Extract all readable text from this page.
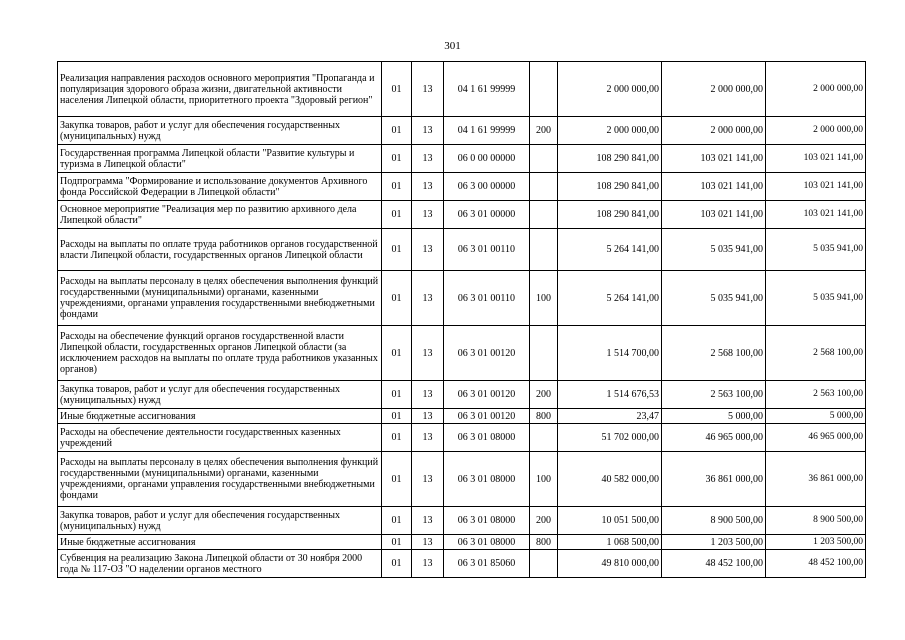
301
Реализация направления расходов основного мероприятия "Пропаганда и популяризация здорового образа жизни, двигательной активности населения Липецкой области, приоритетного проекта "Здоровый регион"	01	13	04 1 61 99999		2 000 000,00	2 000 000,00	2 000 000,00
Закупка товаров, работ и услуг для обеспечения государственных (муниципальных) нужд	01	13	04 1 61 99999	200	2 000 000,00	2 000 000,00	2 000 000,00
Государственная программа Липецкой области "Развитие культуры и туризма в Липецкой области"	01	13	06 0 00 00000		108 290 841,00	103 021 141,00	103 021 141,00
Подпрограмма "Формирование и использование документов Архивного фонда Российской Федерации в Липецкой области"	01	13	06 3 00 00000		108 290 841,00	103 021 141,00	103 021 141,00
Основное мероприятие "Реализация мер по развитию архивного дела Липецкой области"	01	13	06 3 01 00000		108 290 841,00	103 021 141,00	103 021 141,00
Расходы на выплаты по оплате труда работников органов государственной власти Липецкой области, государственных органов Липецкой области	01	13	06 3 01 00110		5 264 141,00	5 035 941,00	5 035 941,00
Расходы на выплаты персоналу в целях обеспечения выполнения функций государственными (муниципальными) органами, казенными учреждениями, органами управления государственными внебюджетными фондами	01	13	06 3 01 00110	100	5 264 141,00	5 035 941,00	5 035 941,00
Расходы на обеспечение функций органов государственной власти Липецкой области, государственных органов Липецкой области (за исключением расходов на выплаты по оплате труда работников указанных органов)	01	13	06 3 01 00120		1 514 700,00	2 568 100,00	2 568 100,00
Закупка товаров, работ и услуг для обеспечения государственных (муниципальных) нужд	01	13	06 3 01 00120	200	1 514 676,53	2 563 100,00	2 563 100,00
Иные бюджетные ассигнования	01	13	06 3 01 00120	800	23,47	5 000,00	5 000,00
Расходы на обеспечение деятельности государственных казенных учреждений	01	13	06 3 01 08000		51 702 000,00	46 965 000,00	46 965 000,00
Расходы на выплаты персоналу в целях обеспечения выполнения функций государственными (муниципальными) органами, казенными учреждениями, органами управления государственными внебюджетными фондами	01	13	06 3 01 08000	100	40 582 000,00	36 861 000,00	36 861 000,00
Закупка товаров, работ и услуг для обеспечения государственных (муниципальных) нужд	01	13	06 3 01 08000	200	10 051 500,00	8 900 500,00	8 900 500,00
Иные бюджетные ассигнования	01	13	06 3 01 08000	800	1 068 500,00	1 203 500,00	1 203 500,00
Субвенция на реализацию Закона Липецкой области от 30 ноября 2000 года № 117-ОЗ "О наделении органов местного	01	13	06 3 01 85060		49 810 000,00	48 452 100,00	48 452 100,00
